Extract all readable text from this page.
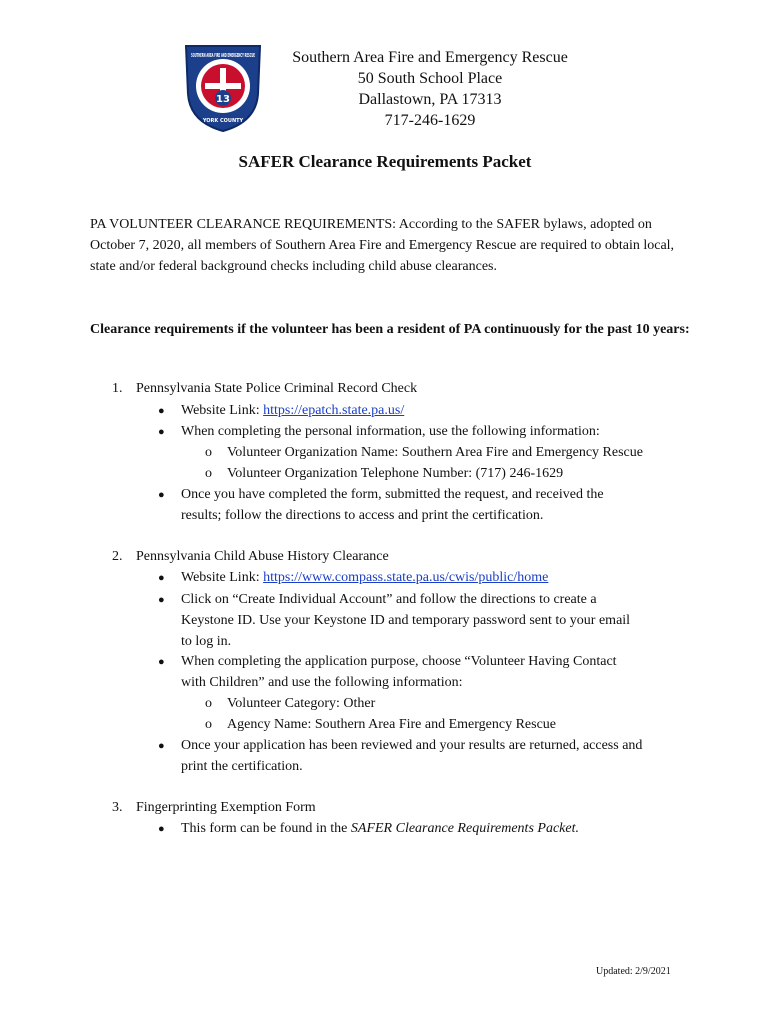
13
SOUTHERN AREA FIRE AND EMERGENCY RESCUE
YORK COUNTY
Southern Area Fire and Emergency Rescue
50 South School Place
Dallastown, PA 17313
717-246-1629
SAFER Clearance Requirements Packet
PA VOLUNTEER CLEARANCE REQUIREMENTS: According to the SAFER bylaws, adopted on October 7, 2020, all members of Southern Area Fire and Emergency Rescue are required to obtain local, state and/or federal background checks including child abuse clearances.
Clearance requirements if the volunteer has been a resident of PA continuously for the past 10 years:
1. Pennsylvania State Police Criminal Record Check
● Website Link: https://epatch.state.pa.us/
● When completing the personal information, use the following information:
o Volunteer Organization Name: Southern Area Fire and Emergency Rescue
o Volunteer Organization Telephone Number: (717) 246-1629
● Once you have completed the form, submitted the request, and received the
results; follow the directions to access and print the certification.
2. Pennsylvania Child Abuse History Clearance
● Website Link: https://www.compass.state.pa.us/cwis/public/home
● Click on “Create Individual Account” and follow the directions to create a
Keystone ID. Use your Keystone ID and temporary password sent to your email
to log in.
● When completing the application purpose, choose “Volunteer Having Contact
with Children” and use the following information:
o Volunteer Category: Other
o Agency Name: Southern Area Fire and Emergency Rescue
● Once your application has been reviewed and your results are returned, access and
print the certification.
3. Fingerprinting Exemption Form
● This form can be found in the SAFER Clearance Requirements Packet.
Updated: 2/9/2021
